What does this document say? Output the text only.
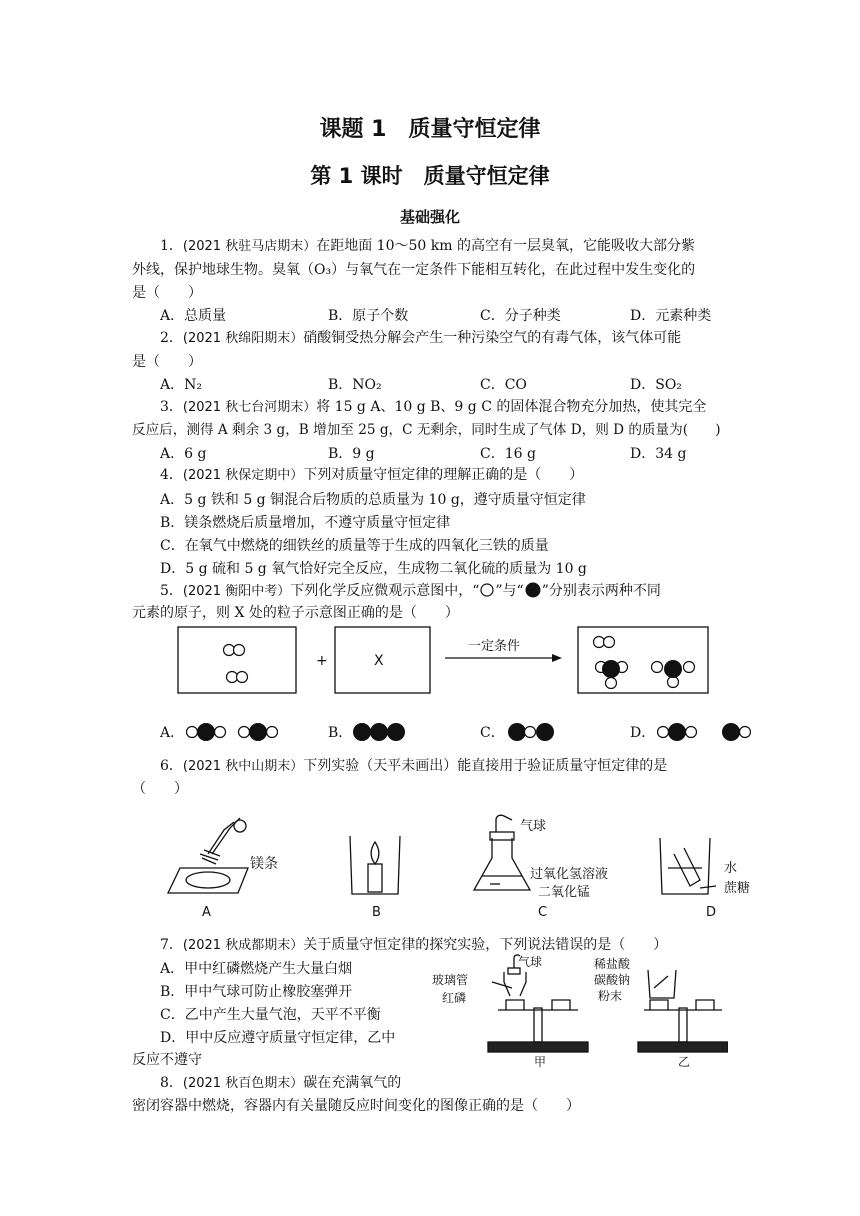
课题 1　质量守恒定律
第 1 课时　质量守恒定律
基础强化
1．(2021 秋驻马店期末）在距地面 10～50 km 的高空有一层臭氧，它能吸收大部分紫
外线，保护地球生物。臭氧（O₃）与氧气在一定条件下能相互转化，在此过程中发生变化的
是（　　）
A．总质量	B．原子个数	C．分子种类	D．元素种类
2．(2021 秋绵阳期末）硝酸铜受热分解会产生一种污染空气的有毒气体，该气体可能
是（　　）
A．N₂	B．NO₂	C．CO	D．SO₂
3．(2021 秋七台河期末）将 15 g A、10 g B、9 g C 的固体混合物充分加热，使其完全
反应后，测得 A 剩余 3 g，B 增加至 25 g，C 无剩余，同时生成了气体 D，则 D 的质量为(　　)
A．6 g	B．9 g	C．16 g	D．34 g
4．(2021 秋保定期中）下列对质量守恒定律的理解正确的是（　　）
A．5 g 铁和 5 g 铜混合后物质的总质量为 10 g，遵守质量守恒定律
B．镁条燃烧后质量增加，不遵守质量守恒定律
C．在氧气中燃烧的细铁丝的质量等于生成的四氧化三铁的质量
D．5 g 硫和 5 g 氧气恰好完全反应，生成物二氧化硫的质量为 10 g
5．(2021 衡阳中考）下列化学反应微观示意图中，“ ”与“ ”分别表示两种不同
元素的原子，则 X 处的粒子示意图正确的是（　　）
+	X
一定条件
A．	B．	C．	D．
6．(2021 秋中山期末）下列实验（天平未画出）能直接用于验证质量守恒定律的是
（　　）
镁条
气球
过氧化氢溶液
二氧化锰
水
蔗糖
A	B	C	D
7．(2021 秋成都期末）关于质量守恒定律的探究实验，下列说法错误的是（　　）
A．甲中红磷燃烧产生大量白烟
B．甲中气球可防止橡胶塞弹开
C．乙中产生大量气泡，天平不平衡
D．甲中反应遵守质量守恒定律，乙中
反应不遵守
气球
玻璃管
红磷
甲
稀盐酸
碳酸钠
粉末
乙
8．(2021 秋百色期末）碳在充满氧气的
密闭容器中燃烧，容器内有关量随反应时间变化的图像正确的是（　　）
